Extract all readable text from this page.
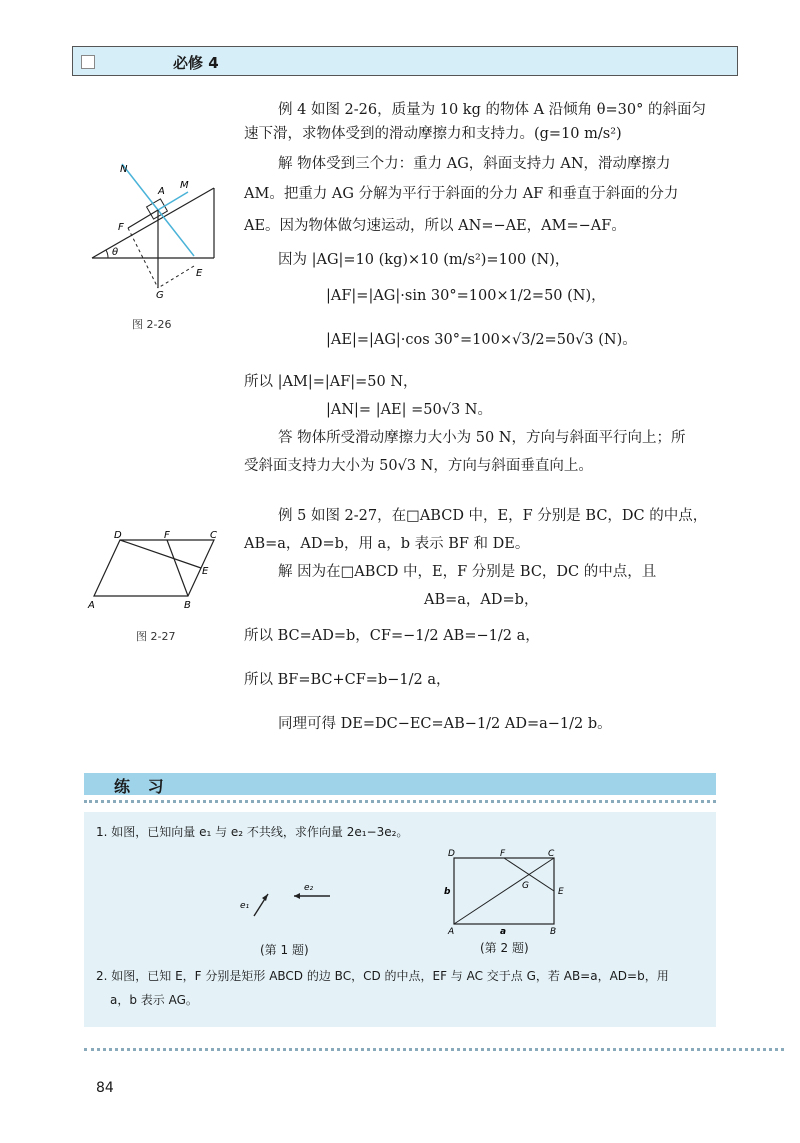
必修 4
N
A
M
F
θ
E
G
图 2-26
例 4 如图 2-26，质量为 10 kg 的物体 A 沿倾角 θ=30° 的斜面匀
速下滑，求物体受到的滑动摩擦力和支持力。(g=10 m/s²)
解 物体受到三个力：重力 AG，斜面支持力 AN，滑动摩擦力
AM。把重力 AG 分解为平行于斜面的分力 AF 和垂直于斜面的分力
AE。因为物体做匀速运动，所以 AN=−AE，AM=−AF。
因为 |AG|=10 (kg)×10 (m/s²)=100 (N)，
|AF|=|AG|·sin 30°=100×1/2=50 (N)，
|AE|=|AG|·cos 30°=100×√3/2=50√3 (N)。
所以 |AM|=|AF|=50 N，
|AN|= |AE| =50√3 N。
答 物体所受滑动摩擦力大小为 50 N，方向与斜面平行向上；所
受斜面支持力大小为 50√3 N，方向与斜面垂直向上。
D	F	C
E
A	B
图 2-27
例 5 如图 2-27，在□ABCD 中，E，F 分别是 BC，DC 的中点，
AB=a，AD=b，用 a，b 表示 BF 和 DE。
解 因为在□ABCD 中，E，F 分别是 BC，DC 的中点，且
AB=a，AD=b，
所以 BC=AD=b，CF=−1/2 AB=−1/2 a，
所以 BF=BC+CF=b−1/2 a，
同理可得 DE=DC−EC=AB−1/2 AD=a−1/2 b。
练 习
1. 如图，已知向量 e₁ 与 e₂ 不共线，求作向量 2e₁−3e₂。
e₁
e₂
(第 1 题)
D	F	C
G
E
b
A	a	B
(第 2 题)
2. 如图，已知 E，F 分别是矩形 ABCD 的边 BC，CD 的中点，EF 与 AC 交于点 G，若 AB=a，AD=b，用
a，b 表示 AG。
84
